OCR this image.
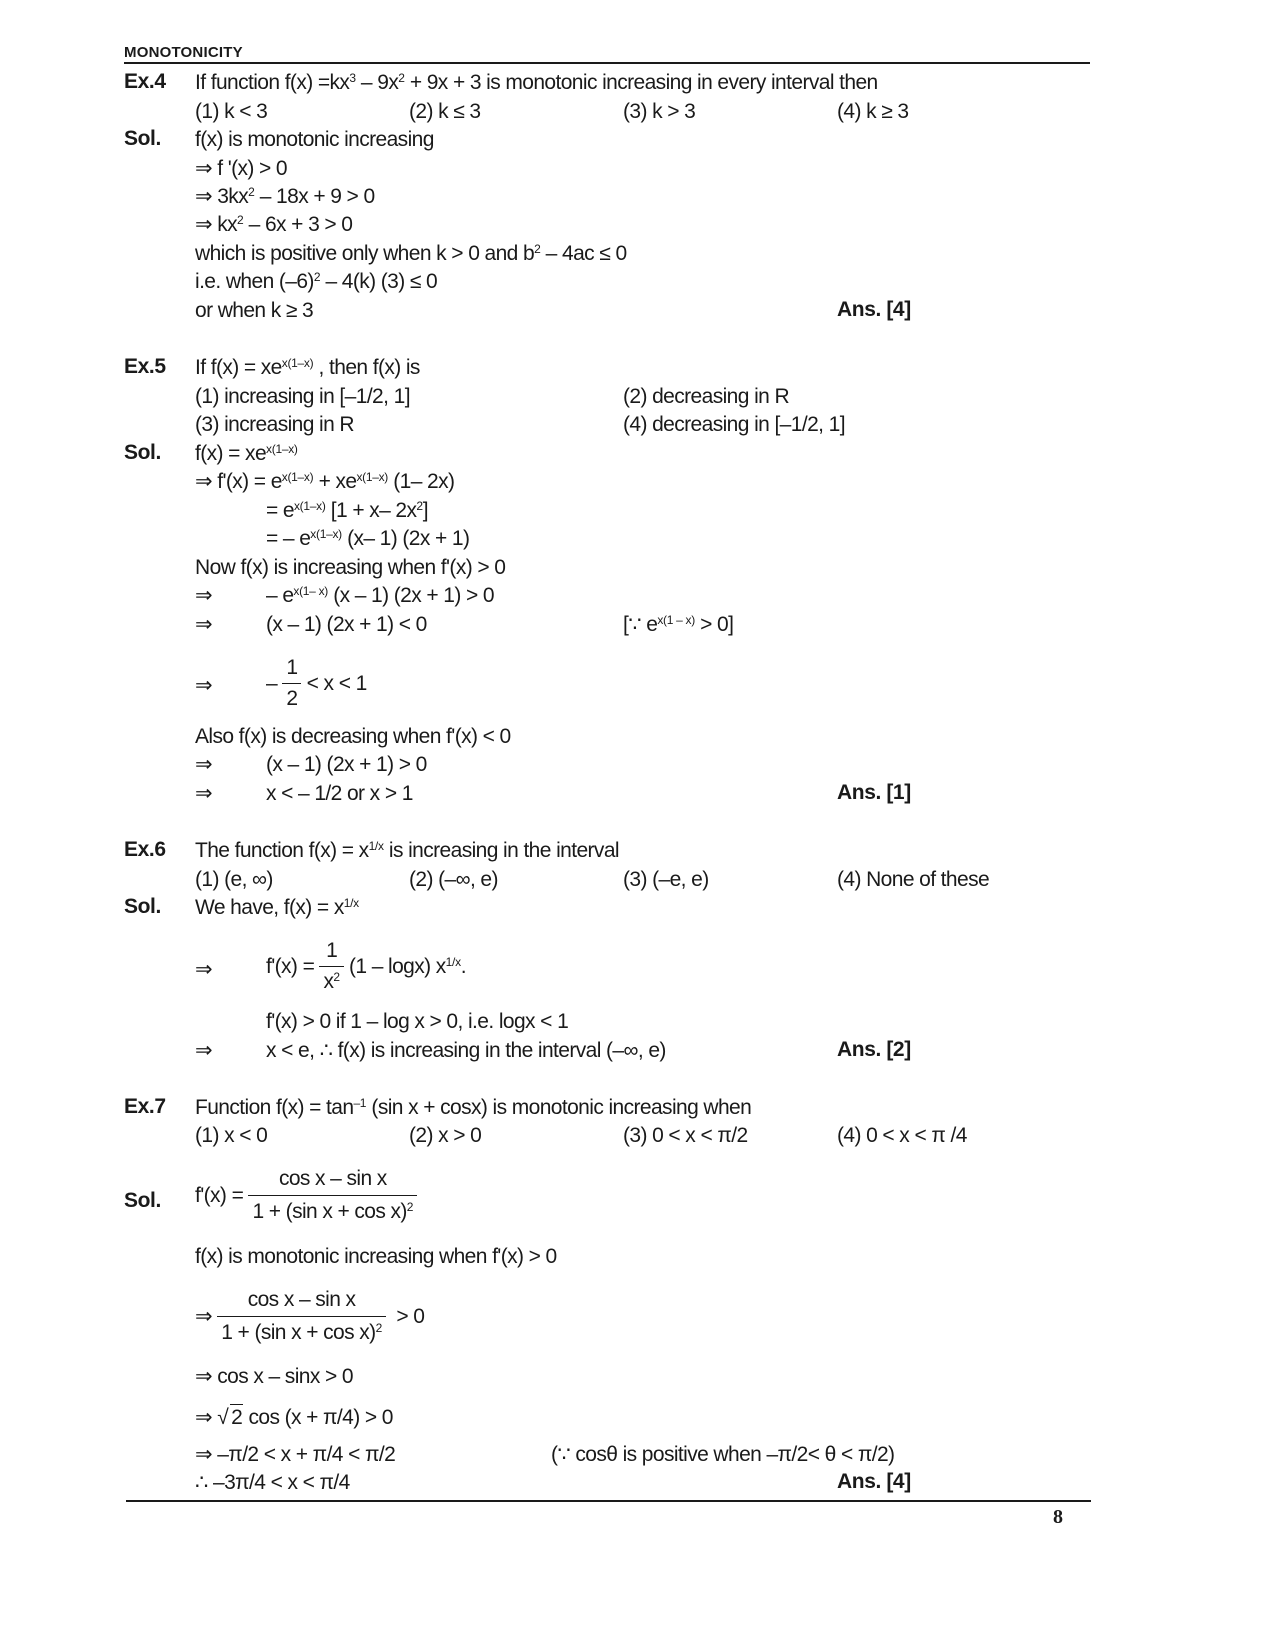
MONOTONICITY
Ex.4 If function $f(x) =kx^3 - 9x^2 + 9x + 3$ is monotonic increasing in every interval then
(1) k < 3	(2) k ≤ 3	(3) k > 3	(4) k ≥ 3
Sol. f(x) is monotonic increasing
⇒ f '(x) > 0
⇒ $3kx^2 - 18x + 9 > 0$
⇒ $kx^2 - 6x + 3 > 0$
which is positive only when k > 0 and $b^2 - 4ac \le 0$
i.e. when $(-6)^2 - 4(k) (3) \le 0$
or when k ≥ 3	Ans. [4]
Ex.5 If $f(x) = xe^{x(1-x)}$ , then f(x) is
(1) increasing in [–1/2, 1]	(2) decreasing in R
(3) increasing in R	(4) decreasing in [–1/2, 1]
Sol. $f(x) = xe^{x(1-x)}$
⇒ $f'(x) = e^{x(1-x)} + xe^{x(1-x)}$ (1– 2x)
= $e^{x(1-x)}$ [1 + x– $2x^2$]
= – $e^{x(1-x)}$ (x– 1) (2x + 1)
Now f(x) is increasing when f'(x) > 0
⇒	– $e^{x(1- x)}$ (x – 1) (2x + 1) > 0
⇒	(x – 1) (2x + 1) < 0	[∵ $e^{x(1 - x)} > 0$]
⇒	– $\frac{1}{2} < x < 1$
Also f(x) is decreasing when f'(x) < 0
⇒	(x – 1) (2x + 1) > 0
⇒	x < – 1/2 or x > 1	Ans. [1]
Ex.6 The function $f(x) = x^{1/x}$ is increasing in the interval
(1) (e, ∞)	(2) (–∞, e)	(3) (–e, e)	(4) None of these
Sol. We have, $f(x) = x^{1/x}$
⇒	$f'(x) = \frac{1}{x^2} (1 - \log x)$ $x^{1/x}$.
f'(x) > 0 if 1 – log x > 0, i.e. logx < 1
⇒	x < e, ∴ f(x) is increasing in the interval (–∞, e)	Ans. [2]
Ex.7 Function $f(x) = \tan^{-1} (\sin$ x + cosx) is monotonic increasing when
(1) x < 0	(2) x > 0	(3) 0 < x < π/2	(4) 0 < x < π /4
Sol. $f'(x) = \frac{\text{cos x – sin x}}{1 + (\sin x + \cos x)^2}$
f(x) is monotonic increasing when f'(x) > 0
⇒ $\frac{\text{cos x – sin x}}{1 + (\sin x + \cos x)^2} > 0$
⇒ cos x – sinx > 0
⇒ √ 2 cos (x + π/4) > 0
⇒ –π/2 < x + π/4 < π/2	(∵ cosθ is positive when –π/2< θ < π/2)
∴ –3π/4 < x < π/4	Ans. [4]
8
